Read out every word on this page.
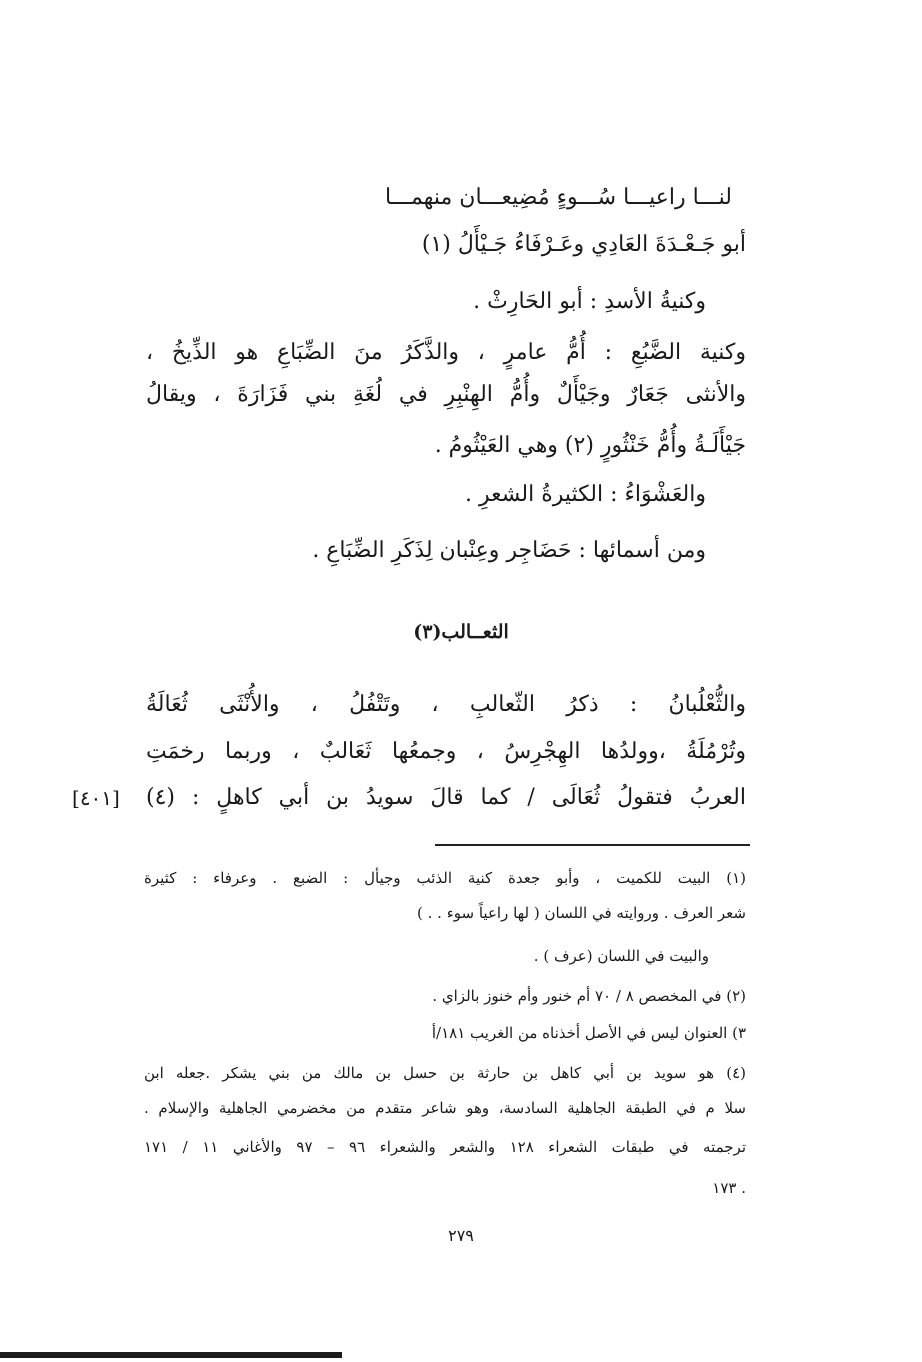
لنـــا راعيـــا سُـــوءٍ مُضِيعـــان منهمـــا
أبو جَـعْـدَةَ العَادِي وعَـرْفَاءُ جَـيْأَلُ (١)
وكنيةُ الأسدِ : أبو الحَارِثْ .
وكنية الضَّبُعِ : أُمُّ عامرٍ ، والذَّكَرُ منَ الضِّبَاعِ هو الذِّيخُ ،
والأنثى جَعَارٌ وجَيْأَلٌ وأُمُّ الهِنْبِرِ في لُغَةِ بني فَزَارَةَ ، ويقالُ
جَيْأَلَـةُ وأُمُّ خَنْثُورٍ (٢) وهي العَيْثُومُ .
والعَشْوَاءُ : الكثيرةُ الشعرِ .
ومن أسمائها : حَضَاجِر وعِنْبان لِذَكَرِ الضِّبَاعِ .
الثعــالب(٣)
والثُّعْلُبانُ : ذكرُ الثّعالبِ ، وتَتْفُلُ ، والأُنْثَى ثُعَالَةُ
وتُرْمُلَةُ ،وولدُها الهِجْرِسُ ، وجمعُها ثَعَالبٌ ، وربما رخمَتِ
العربُ فتقولُ ثُعَالَى / كما قالَ سويدُ بن أبي كاهلٍ : (٤)
[٤٠١]
(١) البيت للكميت ، وأبو جعدة كنية الذئب وجيأل : الضبع . وعرفاء : كثيرة
شعر العرف . وروايته في اللسان ( لها راعياً سوء . . )
والبيت في اللسان (عرف ) .
(٢) في المخصص ٨ / ٧٠ أم خنور وأم خنوز بالزاي .
٣) العنوان ليس في الأصل أخذناه من الغريب ١٨١/أ
(٤) هو سويد بن أبي كاهل بن حارثة بن حسل بن مالك من بني يشكر .جعله ابن
سلا م في الطبقة الجاهلية السادسة، وهو شاعر متقدم من مخضرمي الجاهلية والإسلام .
ترجمته في طبقات الشعراء ١٢٨ والشعر والشعراء ٩٦ – ٩٧ والأغاني ١١ / ١٧١
. ١٧٣
٢٧٩
